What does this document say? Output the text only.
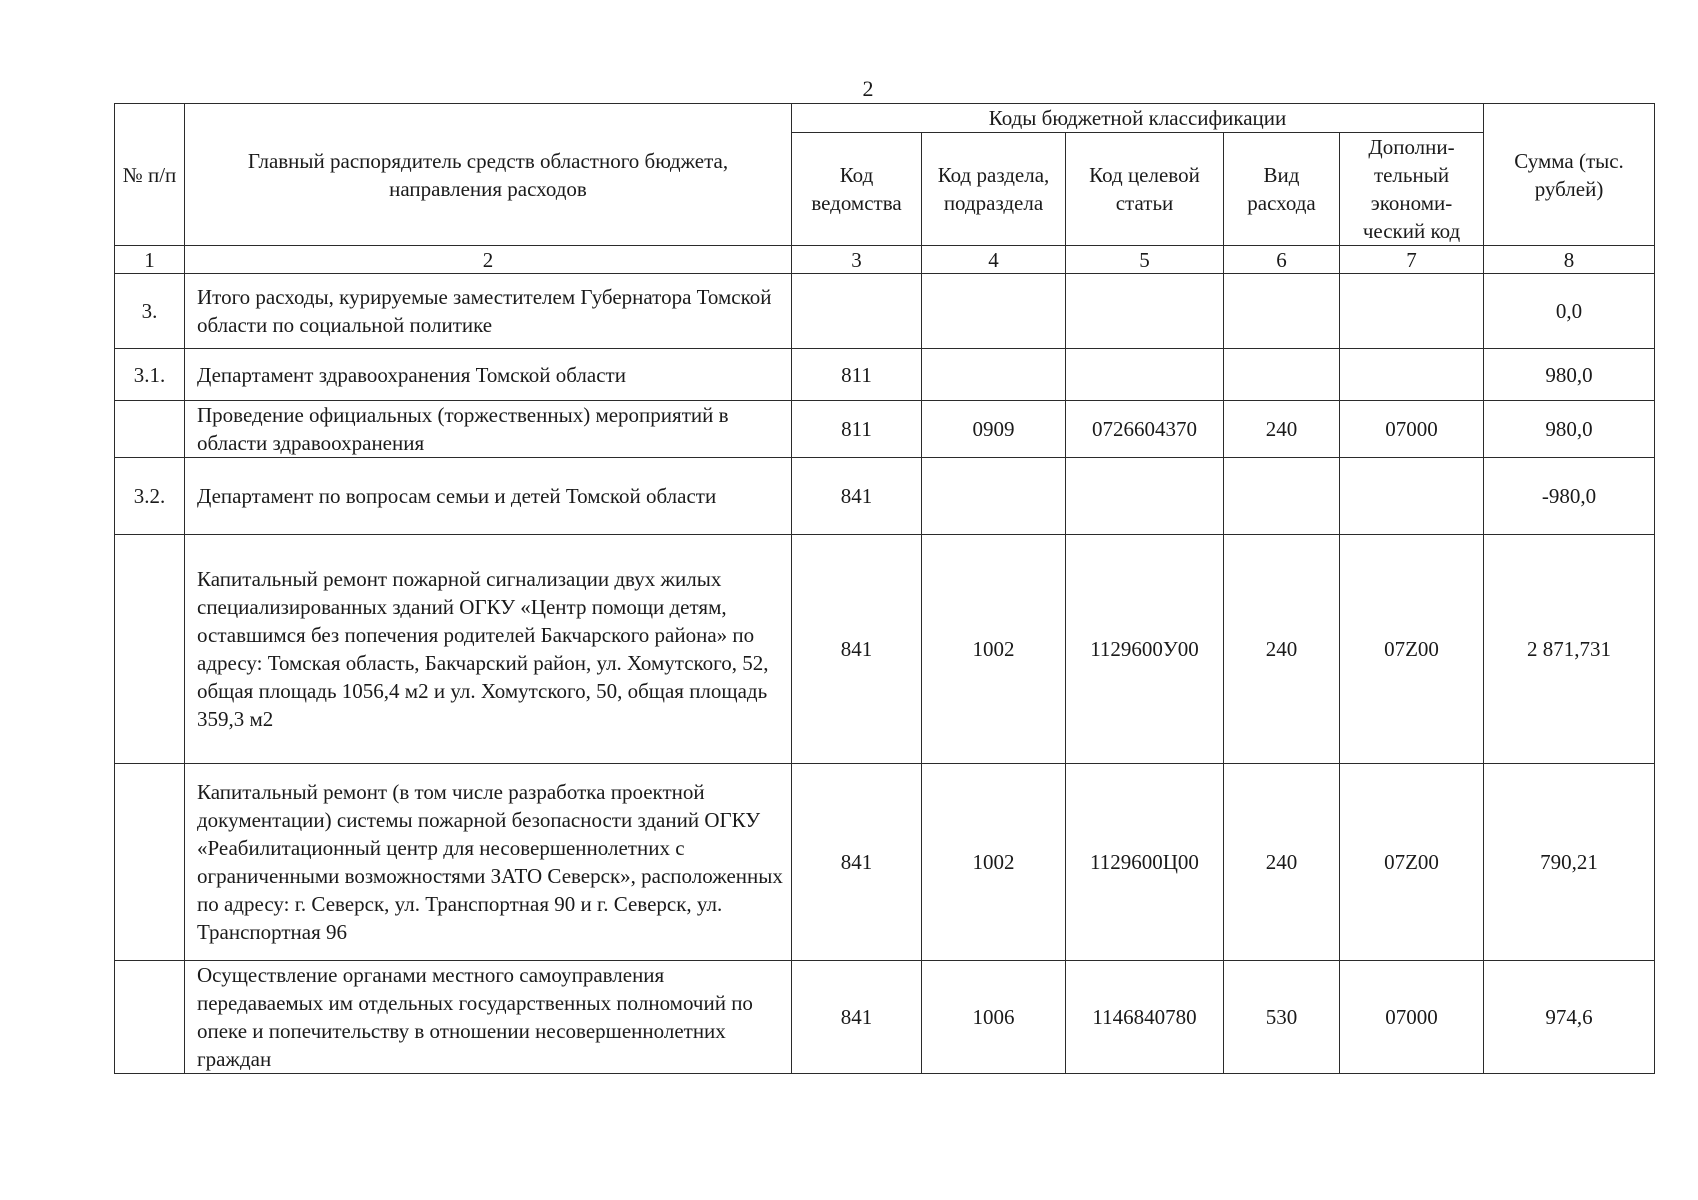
2
№ п/п	Главный распорядитель средств областного бюджета, направления расходов	Коды бюджетной классификации					Сумма (тыс. рублей)
		Код ведомства	Код раздела, подраздела	Код целевой статьи	Вид расхода	Дополни-тельный экономи-ческий код	
1	2	3	4	5	6	7	8
3.	Итого расходы, курируемые заместителем Губернатора Томской области по социальной политике						0,0
3.1.	Департамент здравоохранения Томской области	811					980,0
	Проведение официальных (торжественных) мероприятий в области здравоохранения	811	0909	0726604370	240	07000	980,0
3.2.	Департамент по вопросам семьи и детей Томской области	841					-980,0
	Капитальный ремонт пожарной сигнализации двух жилых специализированных зданий ОГКУ «Центр помощи детям, оставшимся без попечения родителей Бакчарского района» по адресу: Томская область, Бакчарский район, ул. Хомутского, 52, общая площадь 1056,4 м2 и ул. Хомутского, 50, общая площадь 359,3 м2	841	1002	1129600У00	240	07Z00	2 871,731
	Капитальный ремонт (в том числе разработка проектной документации) системы пожарной безопасности зданий ОГКУ «Реабилитационный центр для несовершеннолетних с ограниченными возможностями ЗАТО Северск», расположенных по адресу: г. Северск, ул. Транспортная 90 и г. Северск, ул. Транспортная 96	841	1002	1129600Ц00	240	07Z00	790,21
	Осуществление органами местного самоуправления передаваемых им отдельных государственных полномочий по опеке и попечительству в отношении несовершеннолетних граждан	841	1006	1146840780	530	07000	974,6
